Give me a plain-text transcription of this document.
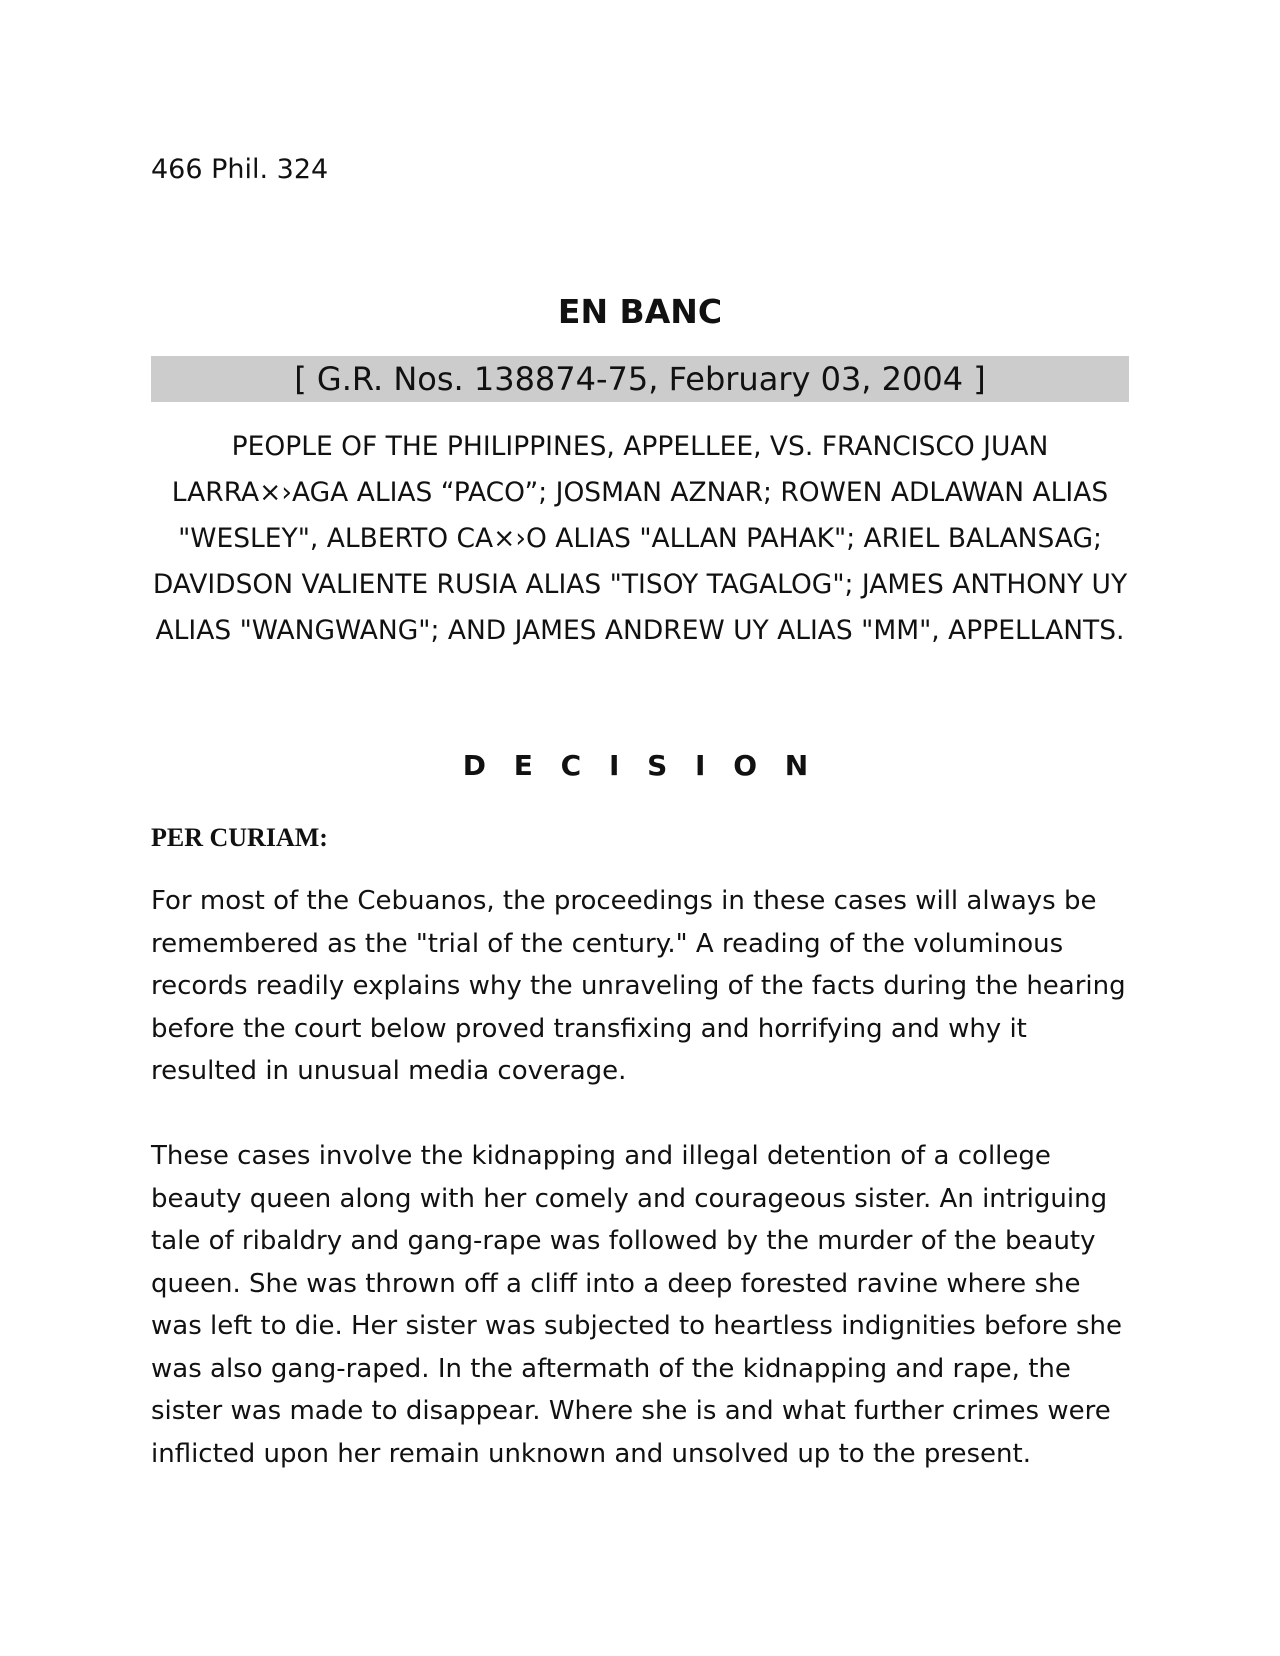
466 Phil. 324

EN BANC
[ G.R. Nos. 138874-75, February 03, 2004 ]

PEOPLE OF THE PHILIPPINES, APPELLEE, VS. FRANCISCO JUAN LARRA×›AGA ALIAS “PACO”; JOSMAN AZNAR; ROWEN ADLAWAN ALIAS "WESLEY", ALBERTO CA×›O ALIAS "ALLAN PAHAK"; ARIEL BALANSAG; DAVIDSON VALIENTE RUSIA ALIAS "TISOY TAGALOG"; JAMES ANTHONY UY ALIAS "WANGWANG"; AND JAMES ANDREW UY ALIAS "MM", APPELLANTS.

D E C I S I O N

PER CURIAM:

For most of the Cebuanos, the proceedings in these cases will always be remembered as the "trial of the century." A reading of the voluminous records readily explains why the unraveling of the facts during the hearing before the court below proved transfixing and horrifying and why it resulted in unusual media coverage.

These cases involve the kidnapping and illegal detention of a college beauty queen along with her comely and courageous sister. An intriguing tale of ribaldry and gang-rape was followed by the murder of the beauty queen. She was thrown off a cliff into a deep forested ravine where she was left to die. Her sister was subjected to heartless indignities before she was also gang-raped. In the aftermath of the kidnapping and rape, the sister was made to disappear. Where she is and what further crimes were inflicted upon her remain unknown and unsolved up to the present.
